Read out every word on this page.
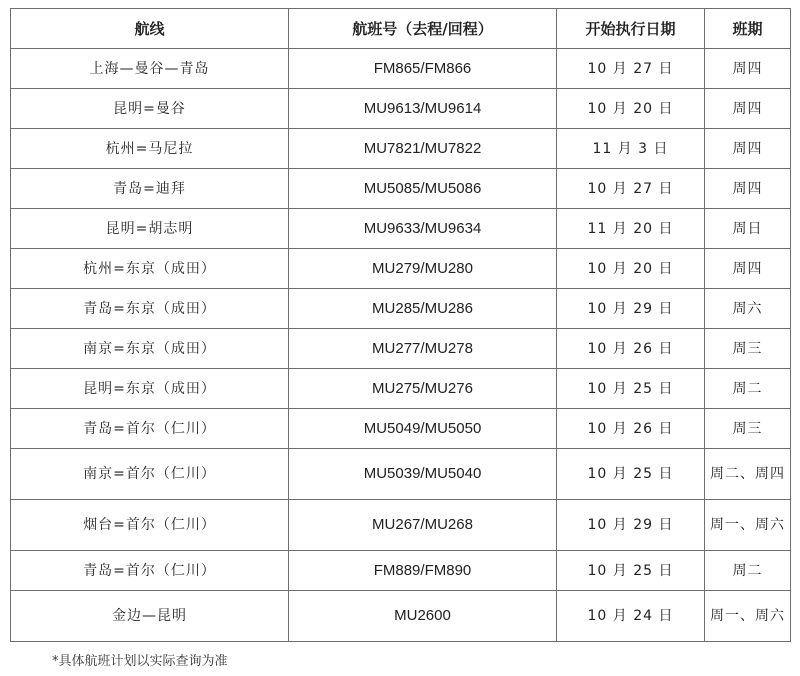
航线	航班号（去程/回程）	开始执行日期	班期
上海—曼谷—青岛	FM865/FM866	10 月 27 日	周四
昆明=曼谷	MU9613/MU9614	10 月 20 日	周四
杭州=马尼拉	MU7821/MU7822	11 月 3 日	周四
青岛=迪拜	MU5085/MU5086	10 月 27 日	周四
昆明=胡志明	MU9633/MU9634	11 月 20 日	周日
杭州=东京（成田）	MU279/MU280	10 月 20 日	周四
青岛=东京（成田）	MU285/MU286	10 月 29 日	周六
南京=东京（成田）	MU277/MU278	10 月 26 日	周三
昆明=东京（成田）	MU275/MU276	10 月 25 日	周二
青岛=首尔（仁川）	MU5049/MU5050	10 月 26 日	周三
南京=首尔（仁川）	MU5039/MU5040	10 月 25 日	周二、周四
烟台=首尔（仁川）	MU267/MU268	10 月 29 日	周一、周六
青岛=首尔（仁川）	FM889/FM890	10 月 25 日	周二
金边—昆明	MU2600	10 月 24 日	周一、周六
*具体航班计划以实际查询为准
